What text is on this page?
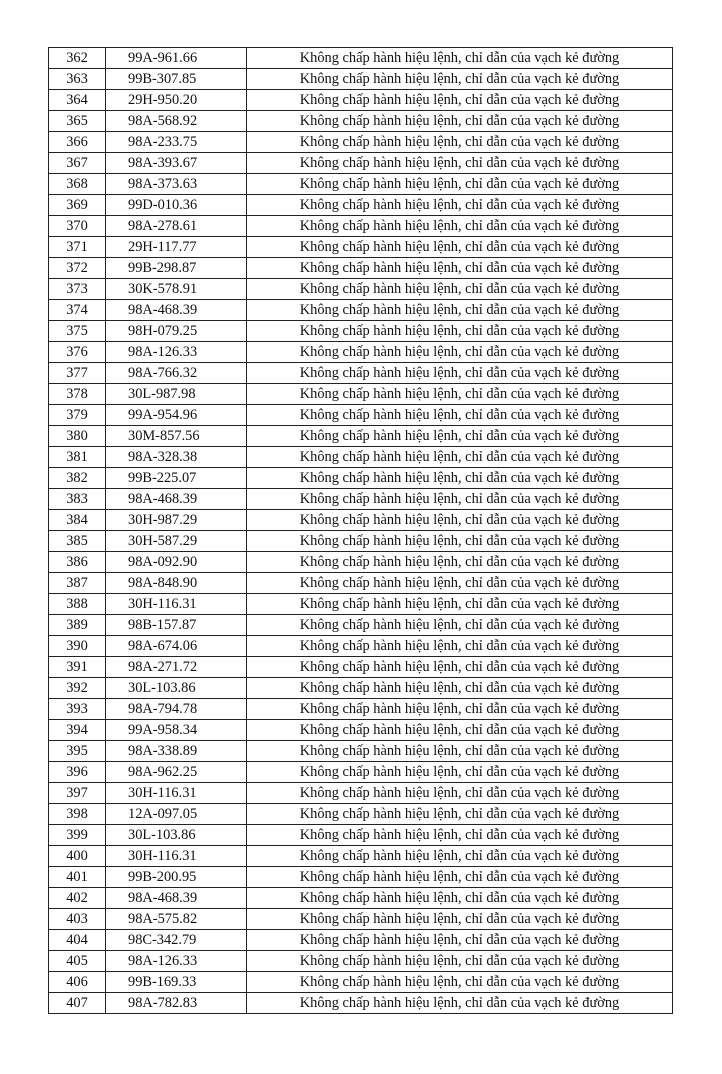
362	99A-961.66	Không chấp hành hiệu lệnh, chỉ dẫn của vạch kẻ đường
363	99B-307.85	Không chấp hành hiệu lệnh, chỉ dẫn của vạch kẻ đường
364	29H-950.20	Không chấp hành hiệu lệnh, chỉ dẫn của vạch kẻ đường
365	98A-568.92	Không chấp hành hiệu lệnh, chỉ dẫn của vạch kẻ đường
366	98A-233.75	Không chấp hành hiệu lệnh, chỉ dẫn của vạch kẻ đường
367	98A-393.67	Không chấp hành hiệu lệnh, chỉ dẫn của vạch kẻ đường
368	98A-373.63	Không chấp hành hiệu lệnh, chỉ dẫn của vạch kẻ đường
369	99D-010.36	Không chấp hành hiệu lệnh, chỉ dẫn của vạch kẻ đường
370	98A-278.61	Không chấp hành hiệu lệnh, chỉ dẫn của vạch kẻ đường
371	29H-117.77	Không chấp hành hiệu lệnh, chỉ dẫn của vạch kẻ đường
372	99B-298.87	Không chấp hành hiệu lệnh, chỉ dẫn của vạch kẻ đường
373	30K-578.91	Không chấp hành hiệu lệnh, chỉ dẫn của vạch kẻ đường
374	98A-468.39	Không chấp hành hiệu lệnh, chỉ dẫn của vạch kẻ đường
375	98H-079.25	Không chấp hành hiệu lệnh, chỉ dẫn của vạch kẻ đường
376	98A-126.33	Không chấp hành hiệu lệnh, chỉ dẫn của vạch kẻ đường
377	98A-766.32	Không chấp hành hiệu lệnh, chỉ dẫn của vạch kẻ đường
378	30L-987.98	Không chấp hành hiệu lệnh, chỉ dẫn của vạch kẻ đường
379	99A-954.96	Không chấp hành hiệu lệnh, chỉ dẫn của vạch kẻ đường
380	30M-857.56	Không chấp hành hiệu lệnh, chỉ dẫn của vạch kẻ đường
381	98A-328.38	Không chấp hành hiệu lệnh, chỉ dẫn của vạch kẻ đường
382	99B-225.07	Không chấp hành hiệu lệnh, chỉ dẫn của vạch kẻ đường
383	98A-468.39	Không chấp hành hiệu lệnh, chỉ dẫn của vạch kẻ đường
384	30H-987.29	Không chấp hành hiệu lệnh, chỉ dẫn của vạch kẻ đường
385	30H-587.29	Không chấp hành hiệu lệnh, chỉ dẫn của vạch kẻ đường
386	98A-092.90	Không chấp hành hiệu lệnh, chỉ dẫn của vạch kẻ đường
387	98A-848.90	Không chấp hành hiệu lệnh, chỉ dẫn của vạch kẻ đường
388	30H-116.31	Không chấp hành hiệu lệnh, chỉ dẫn của vạch kẻ đường
389	98B-157.87	Không chấp hành hiệu lệnh, chỉ dẫn của vạch kẻ đường
390	98A-674.06	Không chấp hành hiệu lệnh, chỉ dẫn của vạch kẻ đường
391	98A-271.72	Không chấp hành hiệu lệnh, chỉ dẫn của vạch kẻ đường
392	30L-103.86	Không chấp hành hiệu lệnh, chỉ dẫn của vạch kẻ đường
393	98A-794.78	Không chấp hành hiệu lệnh, chỉ dẫn của vạch kẻ đường
394	99A-958.34	Không chấp hành hiệu lệnh, chỉ dẫn của vạch kẻ đường
395	98A-338.89	Không chấp hành hiệu lệnh, chỉ dẫn của vạch kẻ đường
396	98A-962.25	Không chấp hành hiệu lệnh, chỉ dẫn của vạch kẻ đường
397	30H-116.31	Không chấp hành hiệu lệnh, chỉ dẫn của vạch kẻ đường
398	12A-097.05	Không chấp hành hiệu lệnh, chỉ dẫn của vạch kẻ đường
399	30L-103.86	Không chấp hành hiệu lệnh, chỉ dẫn của vạch kẻ đường
400	30H-116.31	Không chấp hành hiệu lệnh, chỉ dẫn của vạch kẻ đường
401	99B-200.95	Không chấp hành hiệu lệnh, chỉ dẫn của vạch kẻ đường
402	98A-468.39	Không chấp hành hiệu lệnh, chỉ dẫn của vạch kẻ đường
403	98A-575.82	Không chấp hành hiệu lệnh, chỉ dẫn của vạch kẻ đường
404	98C-342.79	Không chấp hành hiệu lệnh, chỉ dẫn của vạch kẻ đường
405	98A-126.33	Không chấp hành hiệu lệnh, chỉ dẫn của vạch kẻ đường
406	99B-169.33	Không chấp hành hiệu lệnh, chỉ dẫn của vạch kẻ đường
407	98A-782.83	Không chấp hành hiệu lệnh, chỉ dẫn của vạch kẻ đường
